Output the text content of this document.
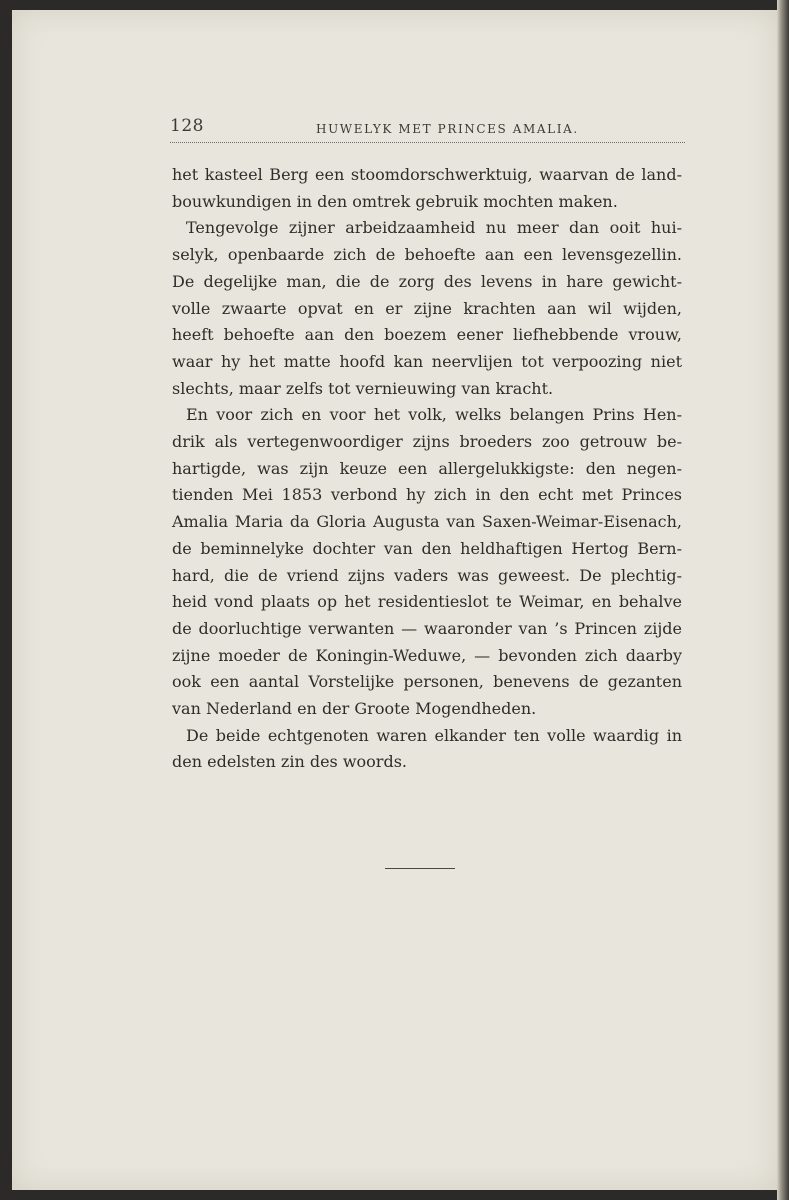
128	HUWELYK MET PRINCES AMALIA.

het kasteel Berg een stoomdorschwerktuig, waarvan de land-
bouwkundigen in den omtrek gebruik mochten maken.

Tengevolge zijner arbeidzaamheid nu meer dan ooit hui-
selyk, openbaarde zich de behoefte aan een levensgezellin.
De degelijke man, die de zorg des levens in hare gewicht-
volle zwaarte opvat en er zijne krachten aan wil wijden,
heeft behoefte aan den boezem eener liefhebbende vrouw,
waar hy het matte hoofd kan neervlijen tot verpoozing niet
slechts, maar zelfs tot vernieuwing van kracht.

En voor zich en voor het volk, welks belangen Prins Hen-
drik als vertegenwoordiger zijns broeders zoo getrouw be-
hartigde, was zijn keuze een allergelukkigste: den negen-
tienden Mei 1853 verbond hy zich in den echt met Princes
Amalia Maria da Gloria Augusta van Saxen-Weimar-Eisenach,
de beminnelyke dochter van den heldhaftigen Hertog Bern-
hard, die de vriend zijns vaders was geweest. De plechtig-
heid vond plaats op het residentieslot te Weimar, en behalve
de doorluchtige verwanten — waaronder van ’s Princen zijde
zijne moeder de Koningin-Weduwe, — bevonden zich daarby
ook een aantal Vorstelijke personen, benevens de gezanten
van Nederland en der Groote Mogendheden.

De beide echtgenoten waren elkander ten volle waardig in
den edelsten zin des woords.
